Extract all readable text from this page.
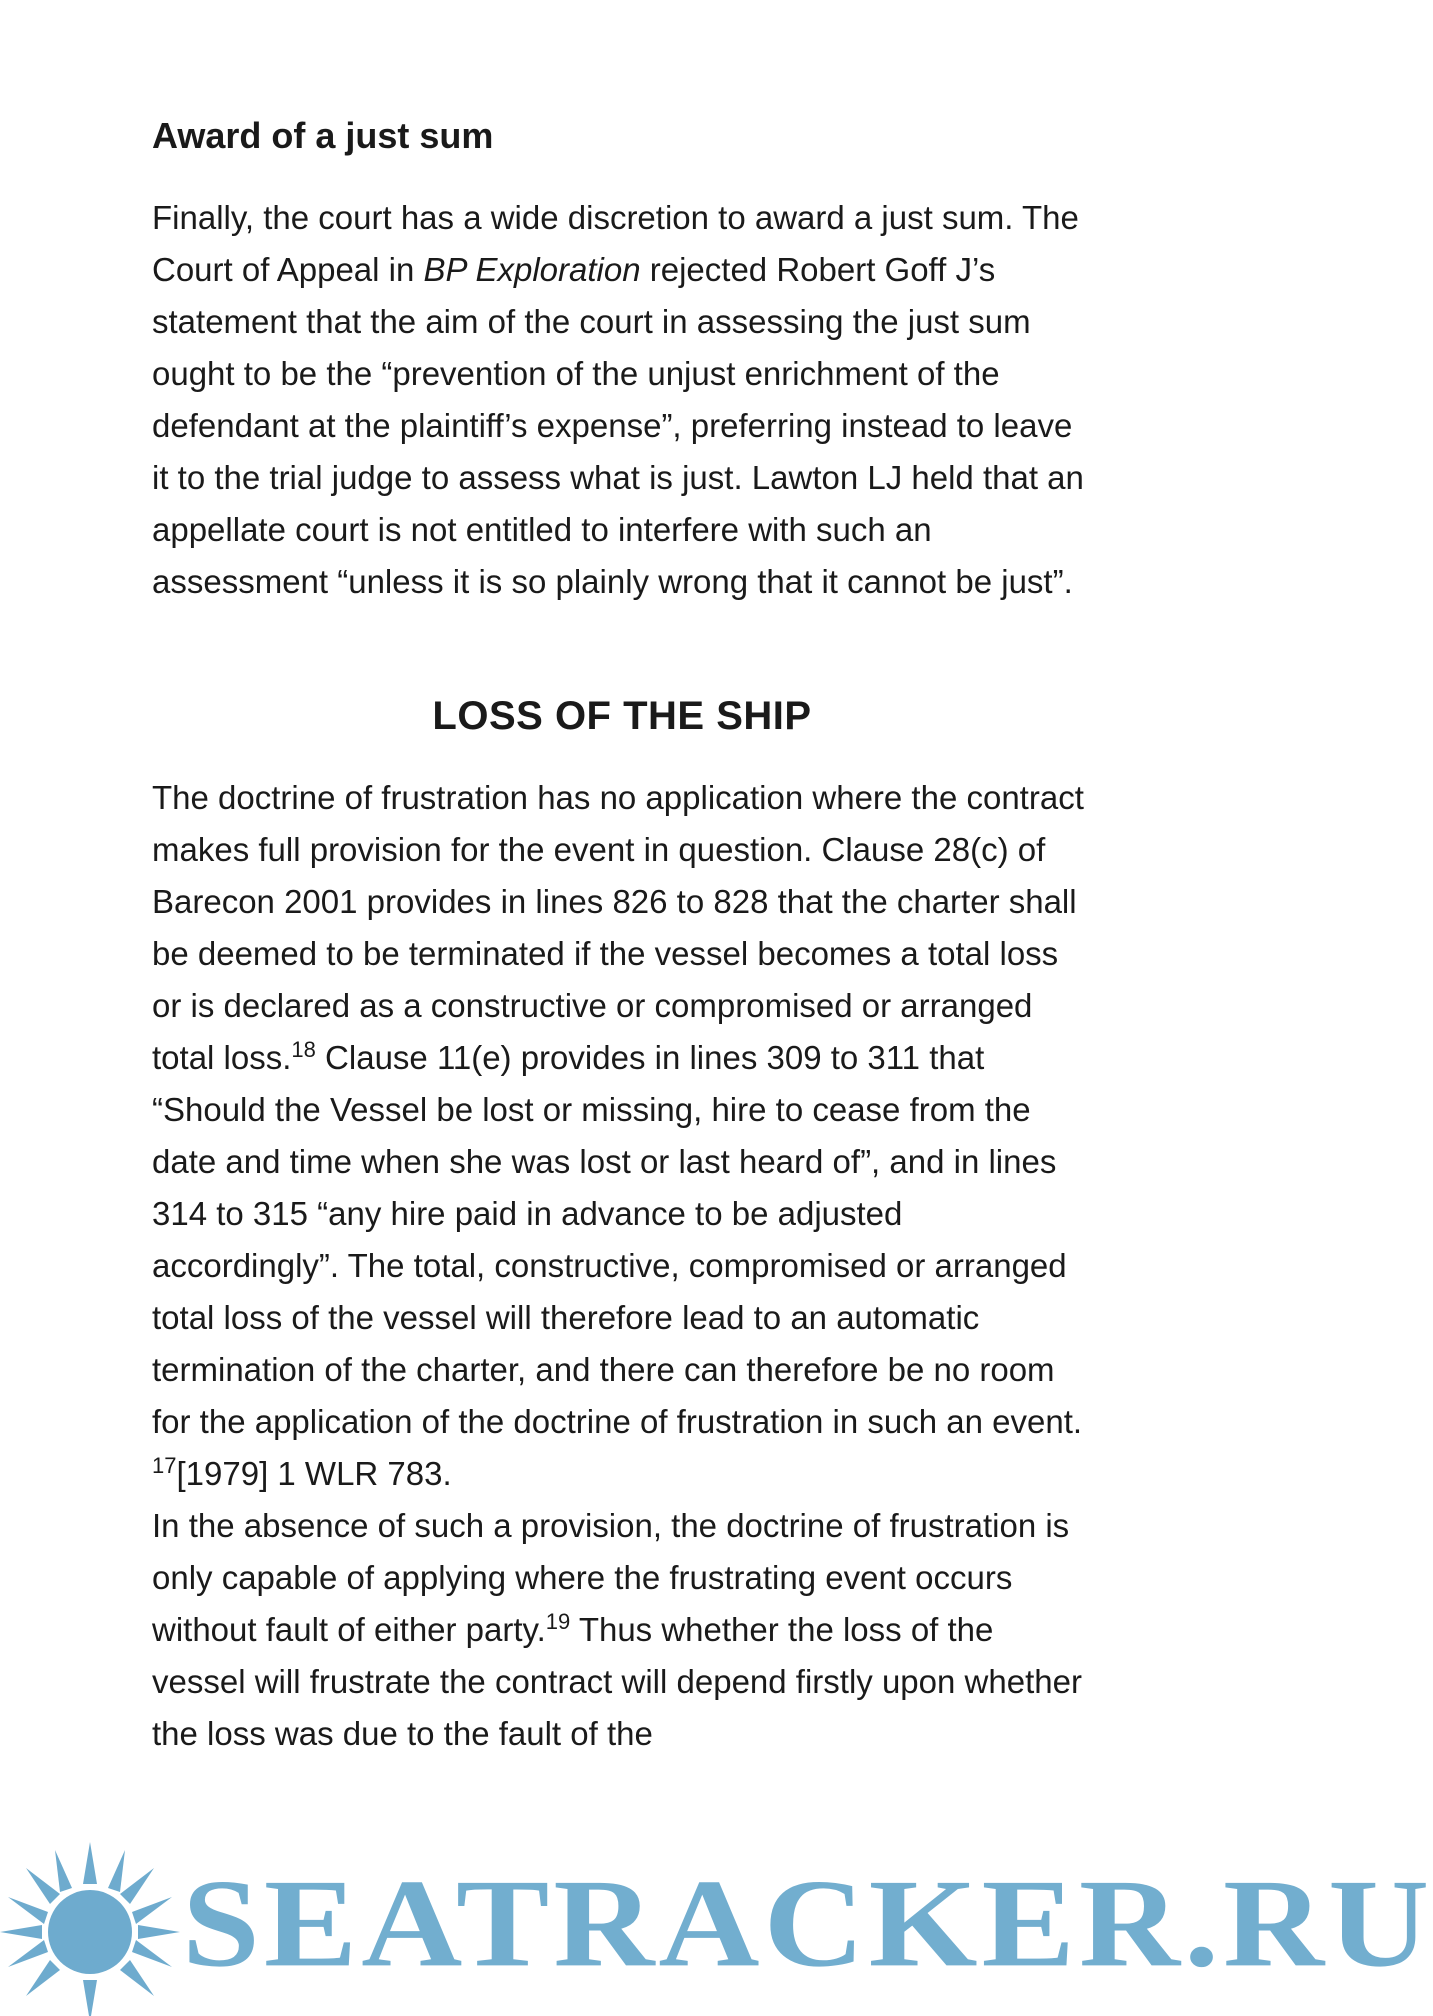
Award of a just sum

Finally, the court has a wide discretion to award a just sum. The Court of Appeal in BP Exploration rejected Robert Goff J’s statement that the aim of the court in assessing the just sum ought to be the “prevention of the unjust enrichment of the defendant at the plaintiff’s expense”, preferring instead to leave it to the trial judge to assess what is just. Lawton LJ held that an appellate court is not entitled to interfere with such an assessment “unless it is so plainly wrong that it cannot be just”.

LOSS OF THE SHIP

The doctrine of frustration has no application where the contract makes full provision for the event in question. Clause 28(c) of Barecon 2001 provides in lines 826 to 828 that the charter shall be deemed to be terminated if the vessel becomes a total loss or is declared as a constructive or compromised or arranged total loss.$^{18}$ Clause 11(e) provides in lines 309 to 311 that “Should the Vessel be lost or missing, hire to cease from the date and time when she was lost or last heard of”, and in lines 314 to 315 “any hire paid in advance to be adjusted accordingly”. The total, constructive, compromised or arranged total loss of the vessel will therefore lead to an automatic termination of the charter, and there can therefore be no room for the application of the doctrine of frustration in such an event.

$^{17}$[1979] 1 WLR 783.

In the absence of such a provision, the doctrine of frustration is only capable of applying where the frustrating event occurs without fault of either party.$^{19}$ Thus whether the loss of the vessel will frustrate the contract will depend firstly upon whether the loss was due to the fault of the

SEATRACKER.RU
